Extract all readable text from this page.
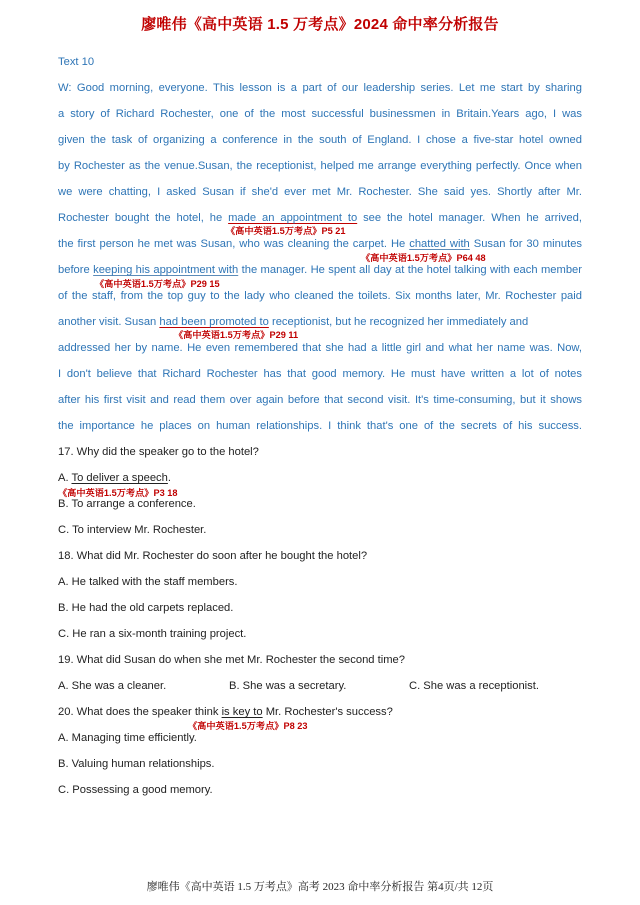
廖唯伟《高中英语 1.5 万考点》2024 命中率分析报告
Text 10
W: Good morning, everyone. This lesson is a part of our leadership series. Let me start by sharing
a story of Richard Rochester, one of the most successful businessmen in Britain.Years ago, I was
given the task of organizing a conference in the south of England. I chose a five-star hotel owned
by Rochester as the venue.Susan, the receptionist, helped me arrange everything perfectly. Once when
we were chatting, I asked Susan if she'd ever met Mr. Rochester. She said yes. Shortly after Mr.
Rochester bought the hotel, he made an appointment to see the hotel manager. When he arrived,
《高中英语1.5万考点》P5 21
the first person he met was Susan, who was cleaning the carpet. He chatted with Susan for 30 minutes
《高中英语1.5万考点》P64 48
before keeping his appointment with the manager. He spent all day at the hotel talking with each member
《高中英语1.5万考点》P29 15
of the staff, from the top guy to the lady who cleaned the toilets. Six months later, Mr. Rochester paid
another visit. Susan had been promoted to receptionist, but he recognized her immediately and
《高中英语1.5万考点》P29 11
addressed her by name. He even remembered that she had a little girl and what her name was. Now,
I don't believe that Richard Rochester has that good memory. He must have written a lot of notes
after his first visit and read them over again before that second visit. It's time-consuming, but it shows
the importance he places on human relationships. I think that's one of the secrets of his success.
17. Why did the speaker go to the hotel?
A. To deliver a speech.
《高中英语1.5万考点》P3 18
B. To arrange a conference.
C. To interview Mr. Rochester.
18. What did Mr. Rochester do soon after he bought the hotel?
A. He talked with the staff members.
B. He had the old carpets replaced.
C. He ran a six-month training project.
19. What did Susan do when she met Mr. Rochester the second time?
A. She was a cleaner.	B. She was a secretary.	C. She was a receptionist.
20. What does the speaker think is key to Mr. Rochester's success?
《高中英语1.5万考点》P8 23
A. Managing time efficiently.
B. Valuing human relationships.
C. Possessing a good memory.
廖唯伟《高中英语 1.5 万考点》高考 2023 命中率分析报告 第4页/共 12页
